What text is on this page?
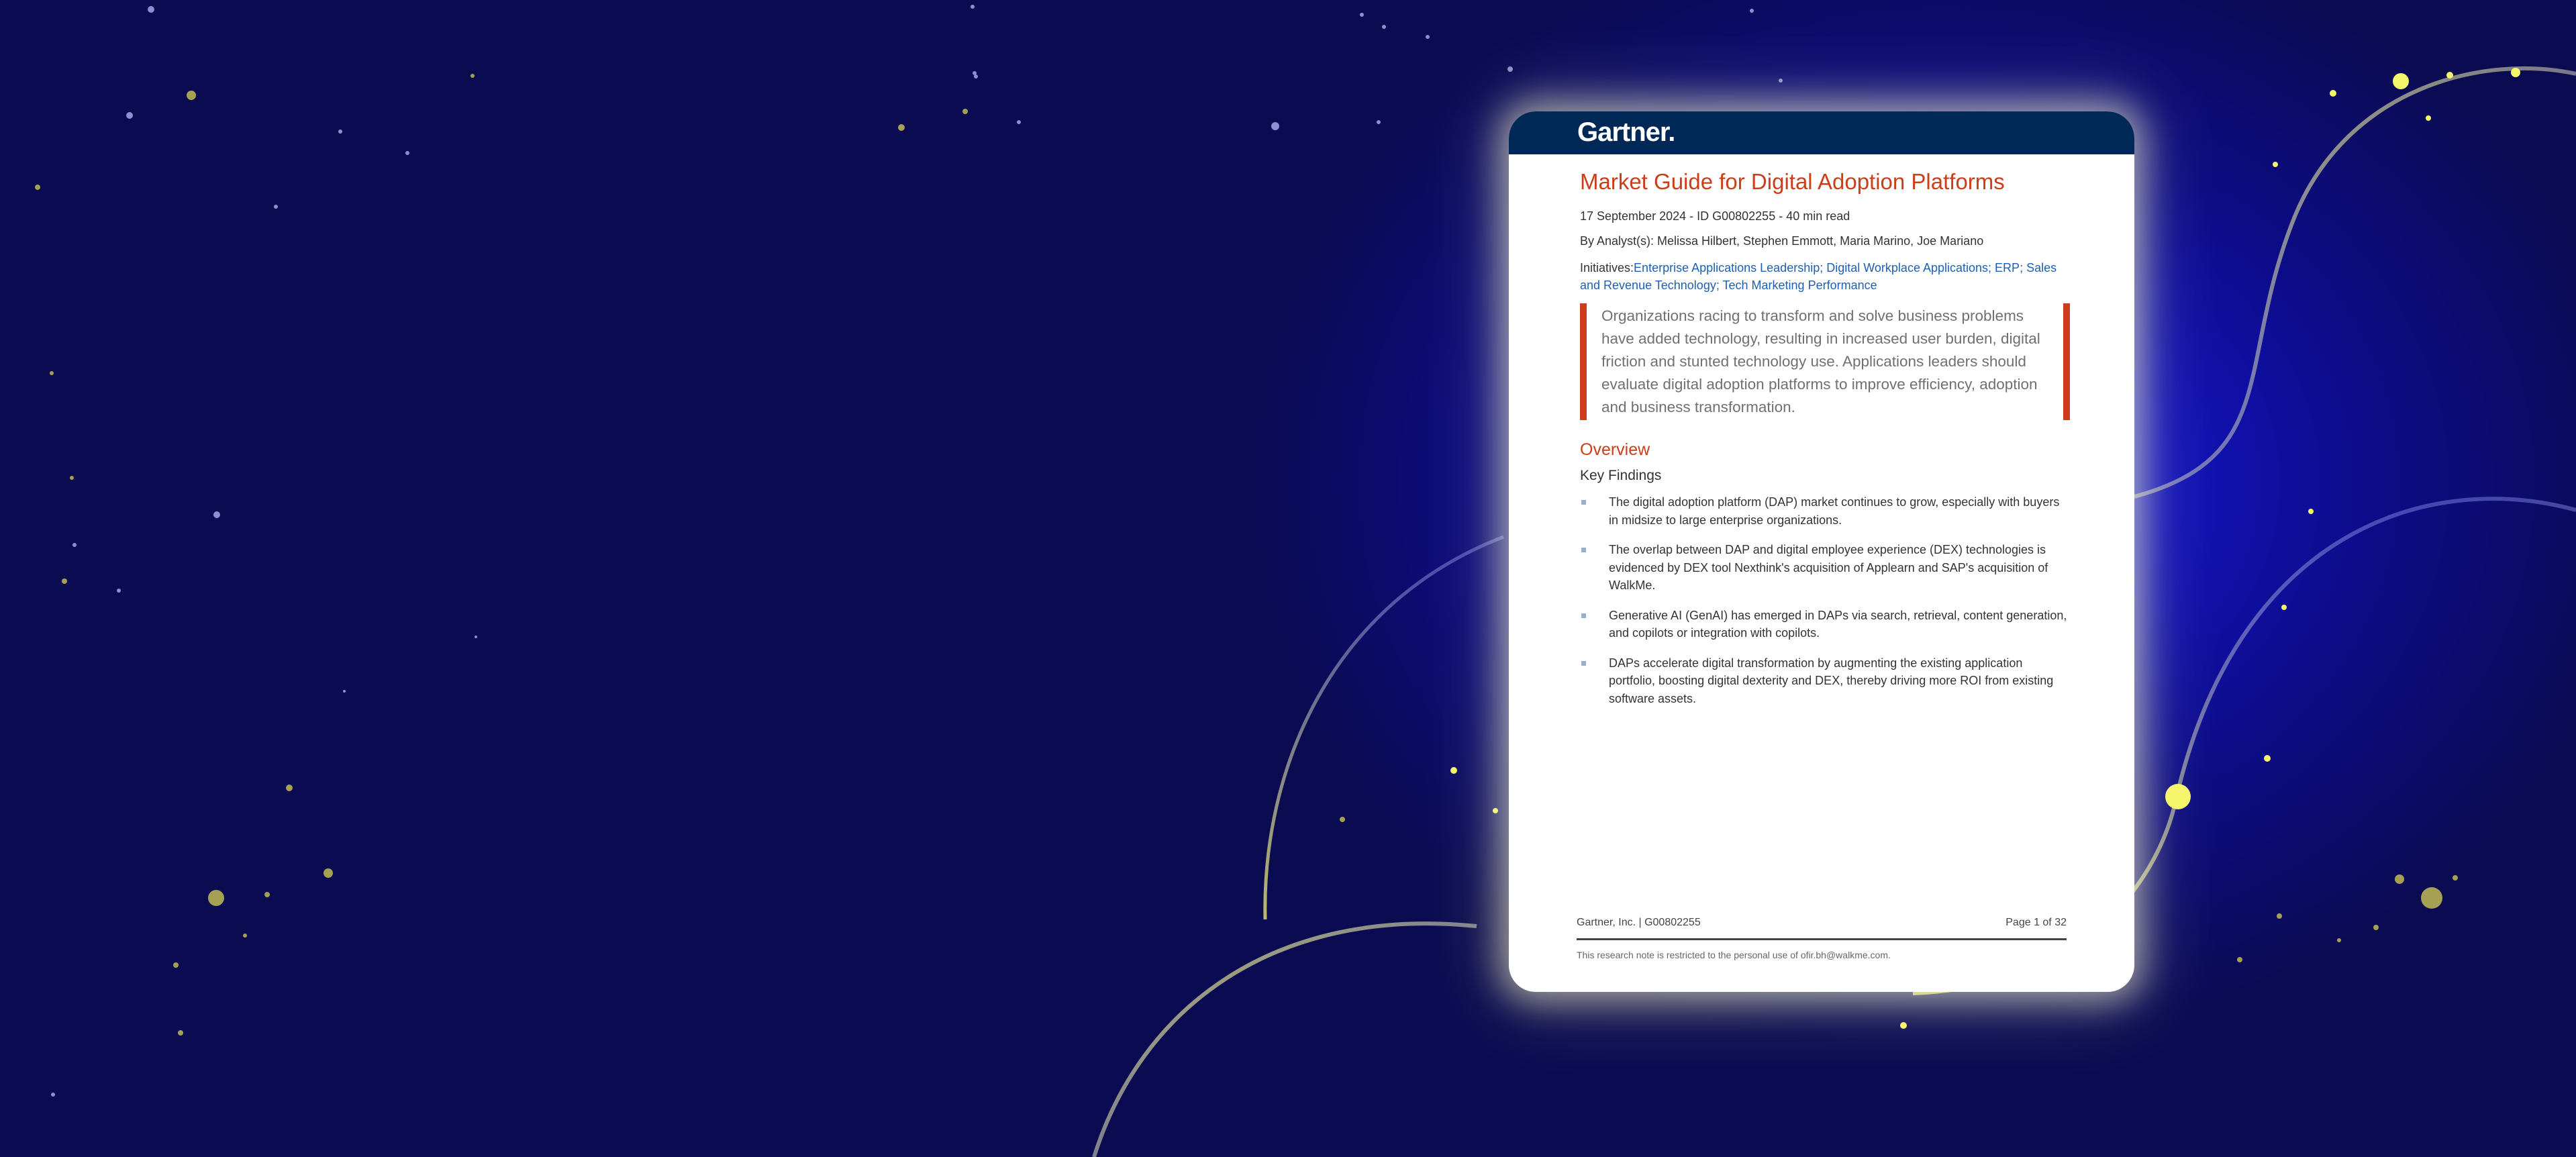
Gartner.
Market Guide for Digital Adoption Platforms

17 September 2024 - ID G00802255 - 40 min read

By Analyst(s): Melissa Hilbert, Stephen Emmott, Maria Marino, Joe Mariano

Initiatives:Enterprise Applications Leadership; Digital Workplace Applications; ERP; Sales and Revenue Technology; Tech Marketing Performance

Organizations racing to transform and solve business problems have added technology, resulting in increased user burden, digital friction and stunted technology use. Applications leaders should evaluate digital adoption platforms to improve efficiency, adoption and business transformation.
Overview
Key Findings
The digital adoption platform (DAP) market continues to grow, especially with buyers in midsize to large enterprise organizations.
The overlap between DAP and digital employee experience (DEX) technologies is evidenced by DEX tool Nexthink's acquisition of Applearn and SAP's acquisition of WalkMe.
Generative AI (GenAI) has emerged in DAPs via search, retrieval, content generation, and copilots or integration with copilots.
DAPs accelerate digital transformation by augmenting the existing application portfolio, boosting digital dexterity and DEX, thereby driving more ROI from existing software assets.
Gartner, Inc. | G00802255	Page 1 of 32
This research note is restricted to the personal use of ofir.bh@walkme.com.
